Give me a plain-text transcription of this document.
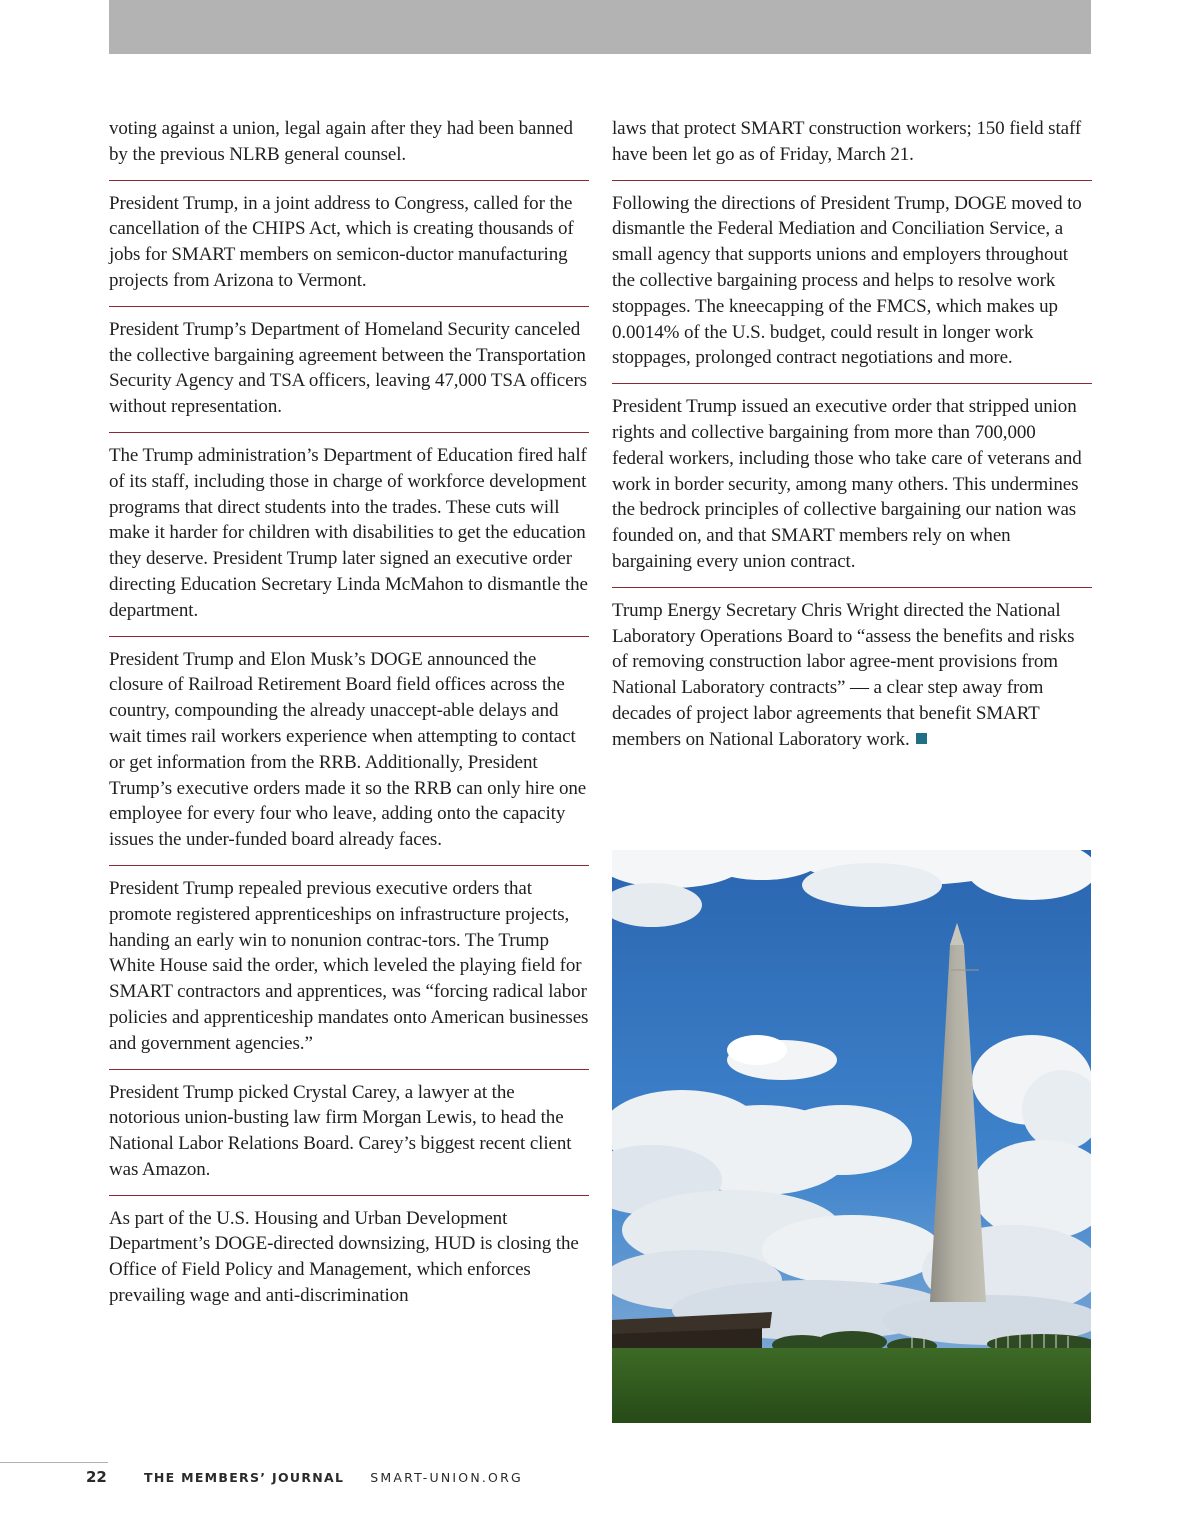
voting against a union, legal again after they had been banned by the previous NLRB general counsel.

President Trump, in a joint address to Congress, called for the cancellation of the CHIPS Act, which is creating thousands of jobs for SMART members on semicon-ductor manufacturing projects from Arizona to Vermont.

President Trump’s Department of Homeland Security canceled the collective bargaining agreement between the Transportation Security Agency and TSA officers, leaving 47,000 TSA officers without representation.

The Trump administration’s Department of Education fired half of its staff, including those in charge of workforce development programs that direct students into the trades. These cuts will make it harder for children with disabilities to get the education they deserve. President Trump later signed an executive order directing Education Secretary Linda McMahon to dismantle the department.

President Trump and Elon Musk’s DOGE announced the closure of Railroad Retirement Board field offices across the country, compounding the already unaccept-able delays and wait times rail workers experience when attempting to contact or get information from the RRB. Additionally, President Trump’s executive orders made it so the RRB can only hire one employee for every four who leave, adding onto the capacity issues the under-funded board already faces.

President Trump repealed previous executive orders that promote registered apprenticeships on infrastructure projects, handing an early win to nonunion contrac-tors. The Trump White House said the order, which leveled the playing field for SMART contractors and apprentices, was “forcing radical labor policies and apprenticeship mandates onto American businesses and government agencies.”

President Trump picked Crystal Carey, a lawyer at the notorious union-busting law firm Morgan Lewis, to head the National Labor Relations Board. Carey’s biggest recent client was Amazon.

As part of the U.S. Housing and Urban Development Department’s DOGE-directed downsizing, HUD is closing the Office of Field Policy and Management, which enforces prevailing wage and anti-discrimination

laws that protect SMART construction workers; 150 field staff have been let go as of Friday, March 21.

Following the directions of President Trump, DOGE moved to dismantle the Federal Mediation and Conciliation Service, a small agency that supports unions and employers throughout the collective bargaining process and helps to resolve work stoppages. The kneecapping of the FMCS, which makes up 0.0014% of the U.S. budget, could result in longer work stoppages, prolonged contract negotiations and more.

President Trump issued an executive order that stripped union rights and collective bargaining from more than 700,000 federal workers, including those who take care of veterans and work in border security, among many others. This undermines the bedrock principles of collective bargaining our nation was founded on, and that SMART members rely on when bargaining every union contract.

Trump Energy Secretary Chris Wright directed the National Laboratory Operations Board to “assess the benefits and risks of removing construction labor agree-ment provisions from National Laboratory contracts” — a clear step away from decades of project labor agreements that benefit SMART members on National Laboratory work.

22	THE MEMBERS’ JOURNAL SMART-UNION.ORG
